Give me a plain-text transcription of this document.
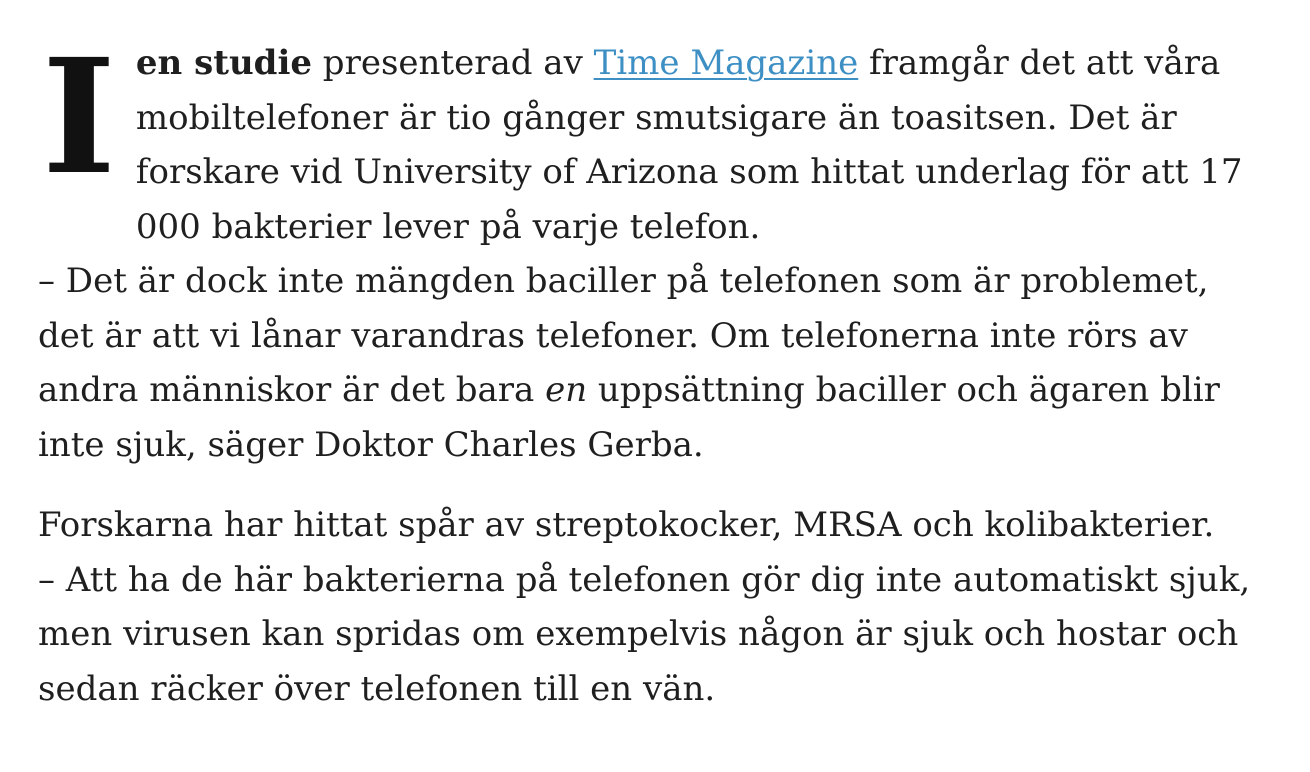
Ien studie presenterad av Time Magazine framgår det att våra mobiltelefoner är tio gånger smutsigare än toasitsen. Det är forskare vid University of Arizona som hittat underlag för att 17 000 bakterier lever på varje telefon.

– Det är dock inte mängden baciller på telefonen som är problemet, det är att vi lånar varandras telefoner. Om telefonerna inte rörs av andra människor är det bara en uppsättning baciller och ägaren blir inte sjuk, säger Doktor Charles Gerba.

Forskarna har hittat spår av streptokocker, MRSA och kolibakterier.

– Att ha de här bakterierna på telefonen gör dig inte automatiskt sjuk, men virusen kan spridas om exempelvis någon är sjuk och hostar och sedan räcker över telefonen till en vän.
